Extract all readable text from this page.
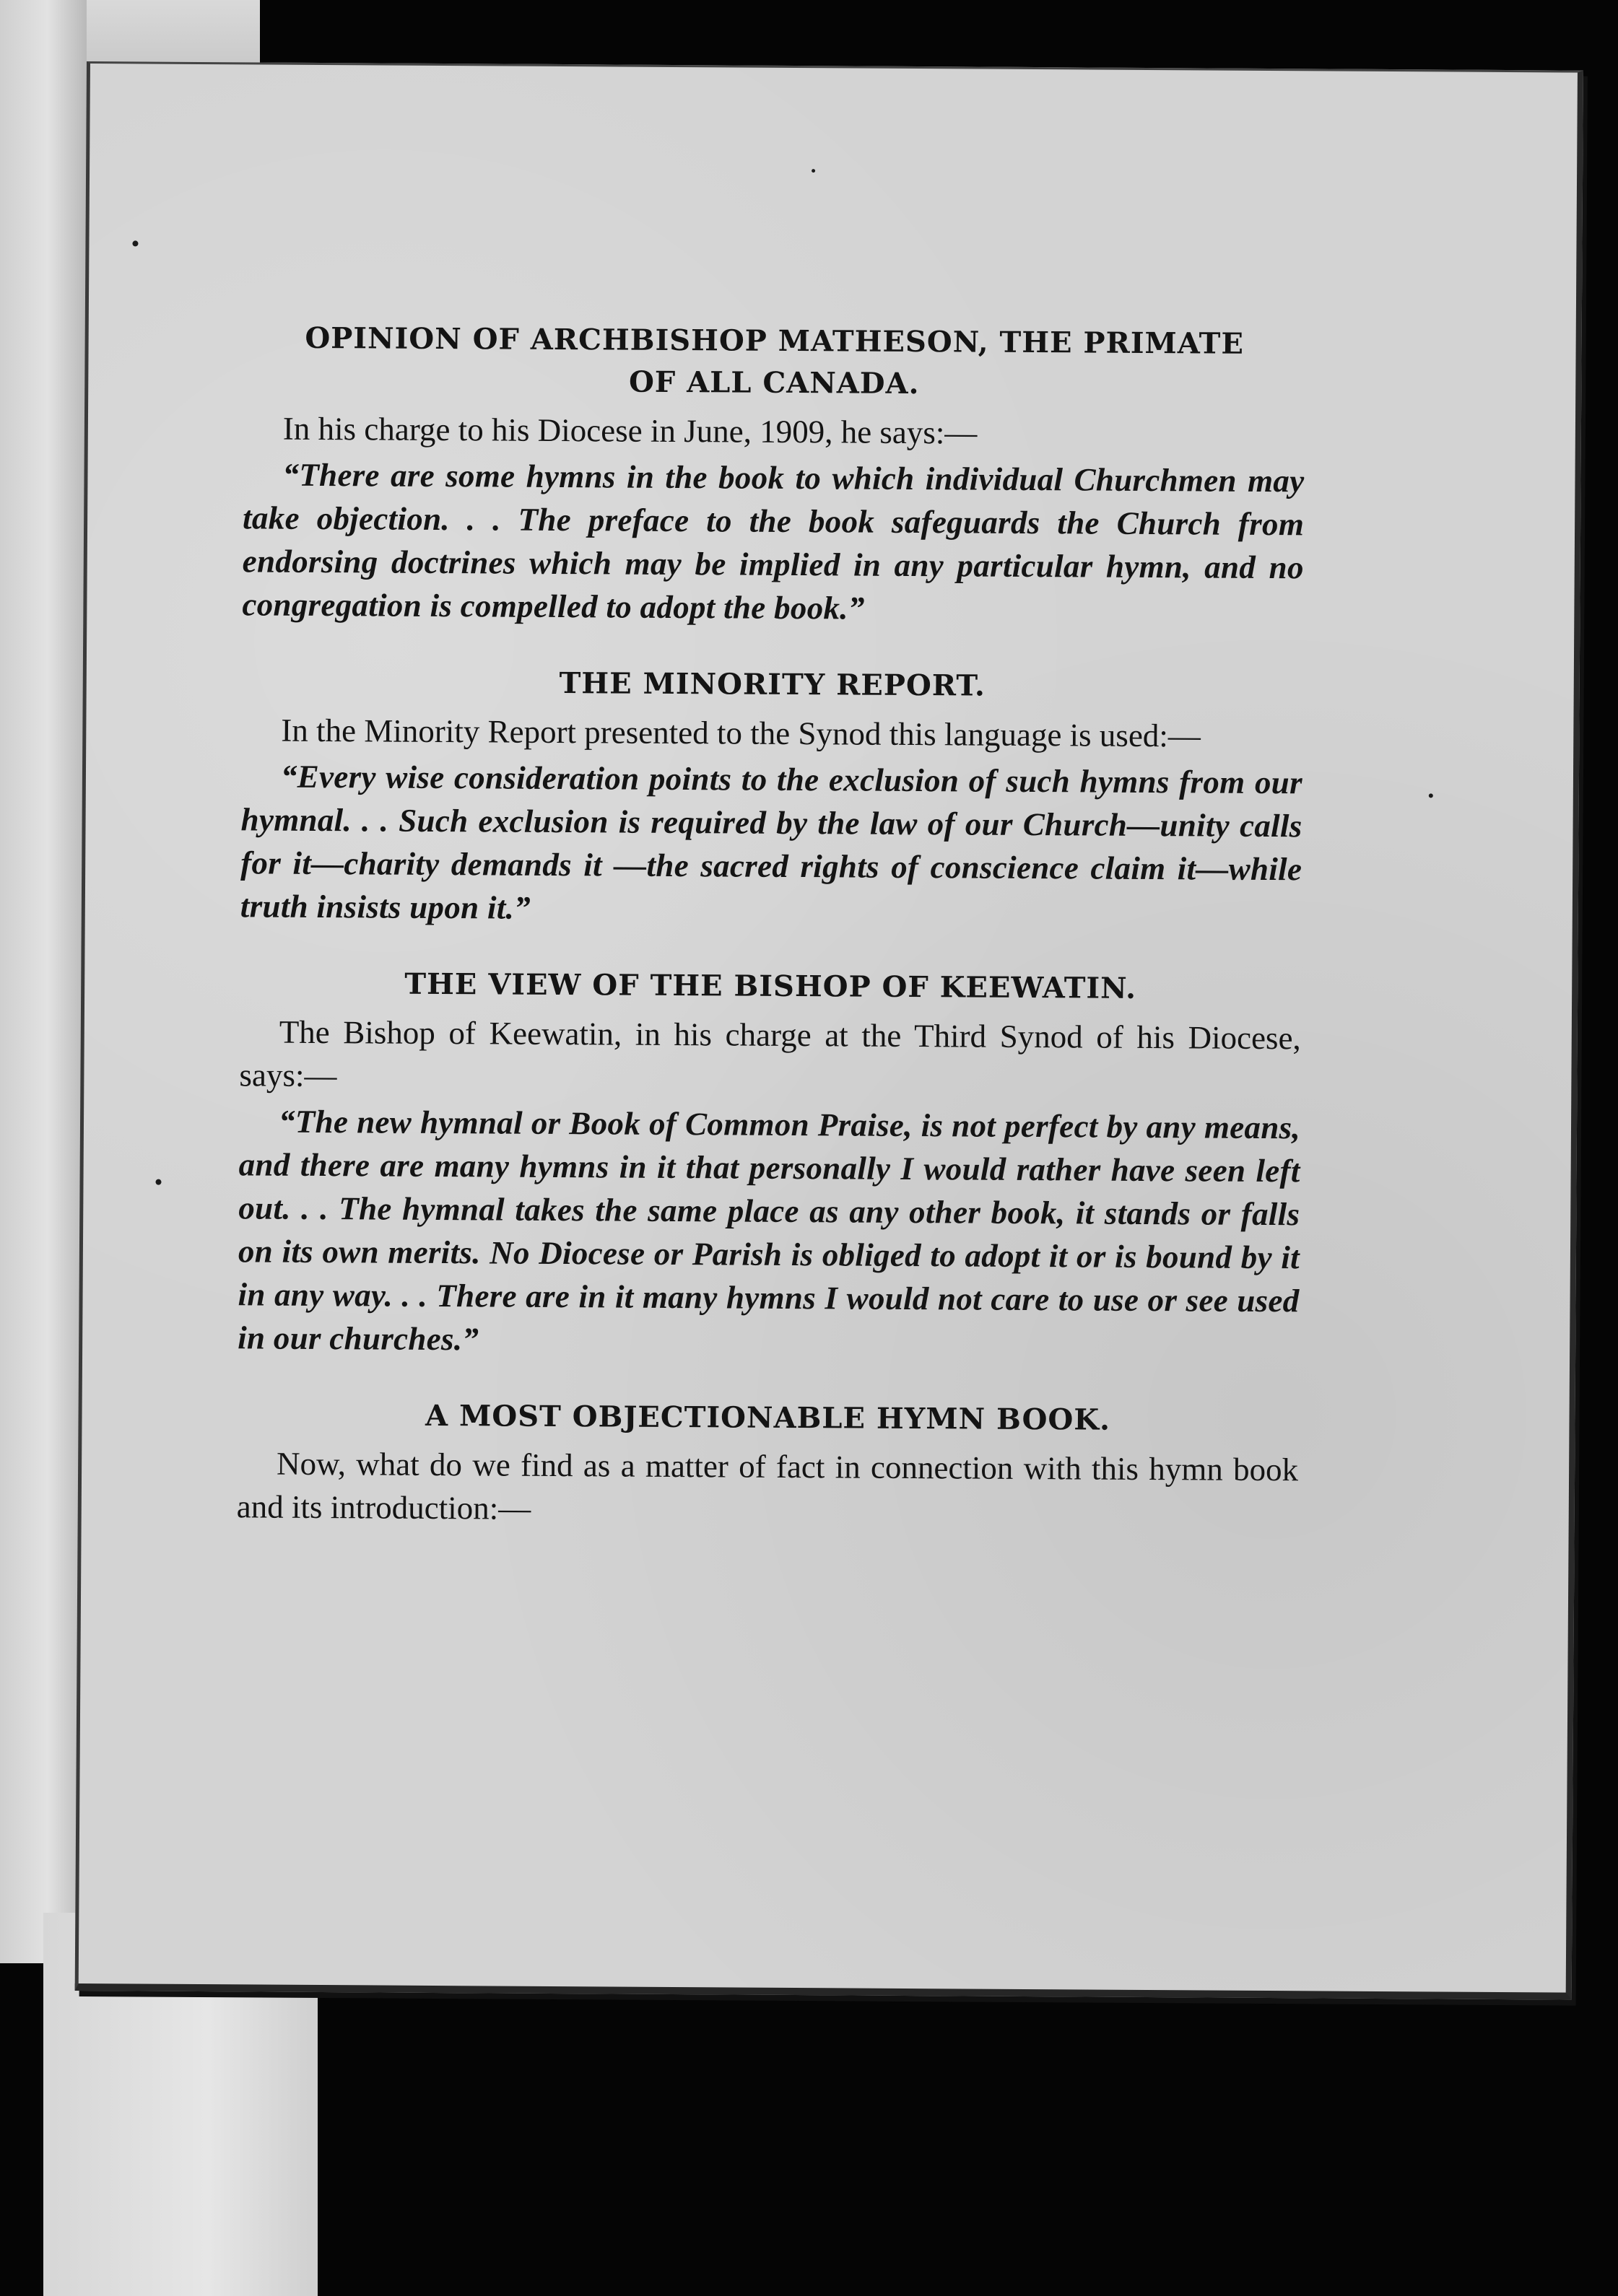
OPINION OF ARCHBISHOP MATHESON, THE PRIMATE
OF ALL CANADA.

In his charge to his Diocese in June, 1909, he says:—

“There are some hymns in the book to which individual Churchmen may take objection. . . The preface to the book safeguards the Church from endorsing doctrines which may be implied in any particular hymn, and no congregation is compelled to adopt the book.”

THE MINORITY REPORT.

In the Minority Report presented to the Synod this language is used:—

“Every wise consideration points to the exclusion of such hymns from our hymnal. . . Such exclusion is required by the law of our Church—unity calls for it—charity demands it —the sacred rights of conscience claim it—while truth insists upon it.”

THE VIEW OF THE BISHOP OF KEEWATIN.

The Bishop of Keewatin, in his charge at the Third Synod of his Diocese, says:—

“The new hymnal or Book of Common Praise, is not perfect by any means, and there are many hymns in it that personally I would rather have seen left out. . . The hymnal takes the same place as any other book, it stands or falls on its own merits. No Diocese or Parish is obliged to adopt it or is bound by it in any way. . . There are in it many hymns I would not care to use or see used in our churches.”

A MOST OBJECTIONABLE HYMN BOOK.

Now, what do we find as a matter of fact in connection with this hymn book and its introduction:—
